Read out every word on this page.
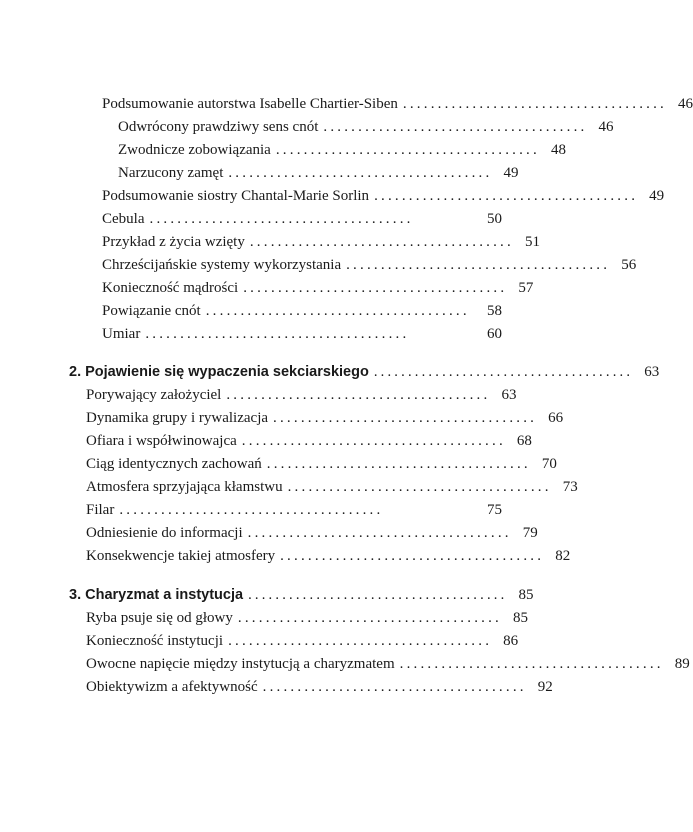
Podsumowanie autorstwa Isabelle Chartier-Siben ...................................... 46
Odwrócony prawdziwy sens cnót ...................................... 46
Zwodnicze zobowiązania ...................................... 48
Narzucony zamęt ...................................... 49
Podsumowanie siostry Chantal-Marie Sorlin ...................................... 49
Cebula ......................................	50
Przykład z życia wzięty ...................................... 51
Chrześcijańskie systemy wykorzystania ...................................... 56
Konieczność mądrości ...................................... 57
Powiązanie cnót ......................................	58
Umiar ......................................	60
2. Pojawienie się wypaczenia sekciarskiego ...................................... 63
Porywający założyciel ...................................... 63
Dynamika grupy i rywalizacja ...................................... 66
Ofiara i współwinowajca ...................................... 68
Ciąg identycznych zachowań ...................................... 70
Atmosfera sprzyjająca kłamstwu ...................................... 73
Filar ......................................	75
Odniesienie do informacji ...................................... 79
Konsekwencje takiej atmosfery ...................................... 82
3. Charyzmat a instytucja ...................................... 85
Ryba psuje się od głowy ...................................... 85
Konieczność instytucji ...................................... 86
Owocne napięcie między instytucją a charyzmatem ...................................... 89
Obiektywizm a afektywność ...................................... 92
